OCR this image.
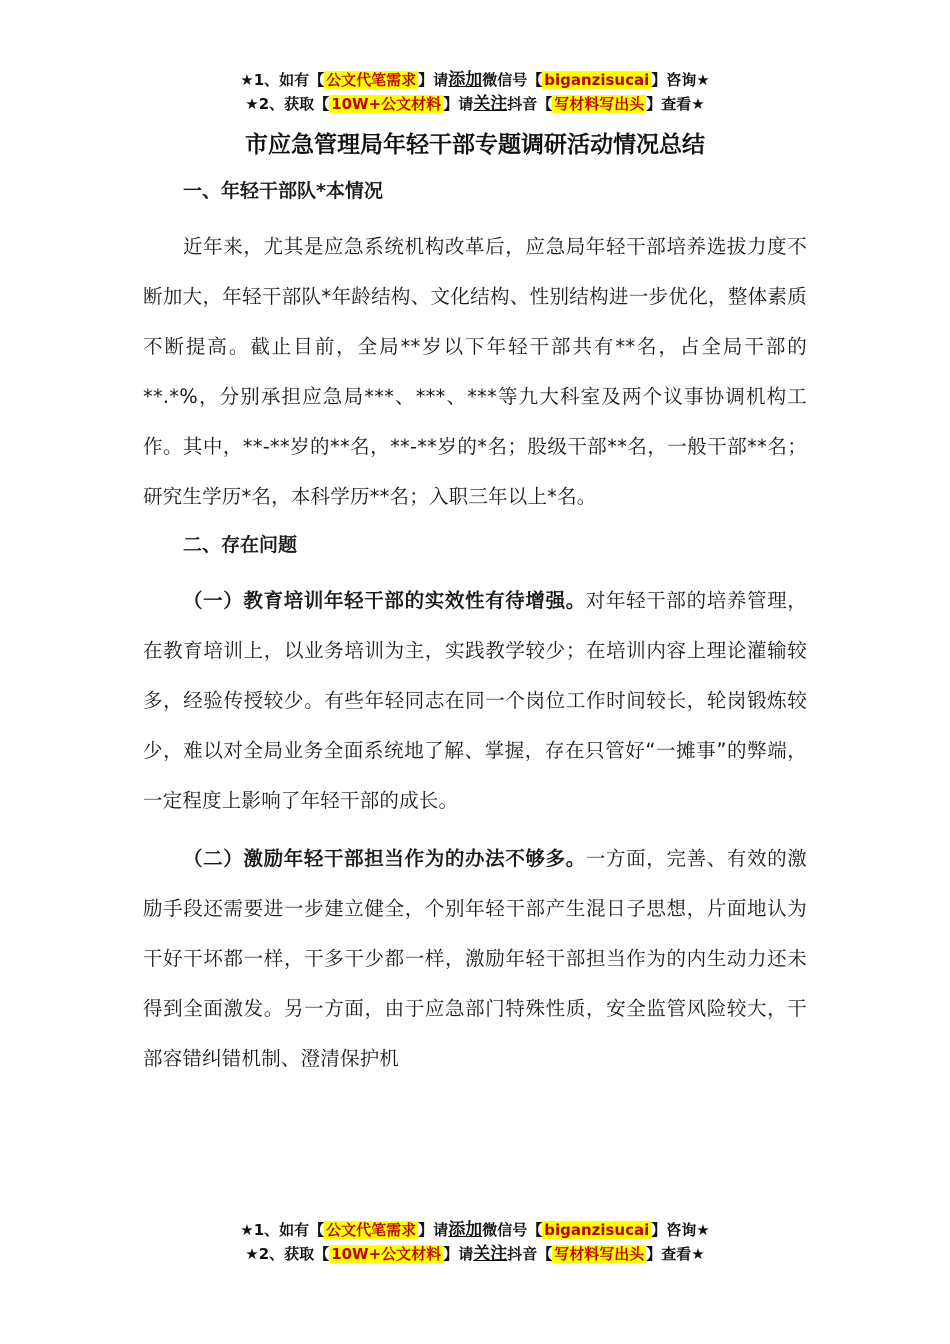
★1、如有【 公文代笔需求 】请添加微信号【 biganzisucai 】咨询★
★2、获取【 10W+公文材料 】请关注抖音【 写材料写出头 】查看★
市应急管理局年轻干部专题调研活动情况总结
一、年轻干部队*本情况

近年来，尤其是应急系统机构改革后，应急局年轻干部培养选拔力度不断加大，年轻干部队*年龄结构、文化结构、性别结构进一步优化，整体素质不断提高。截止目前，全局**岁以下年轻干部共有**名，占全局干部的**.*%，分别承担应急局***、***、***等九大科室及两个议事协调机构工作。其中，**-**岁的**名，**-**岁的*名；股级干部**名，一般干部**名；研究生学历*名，本科学历**名；入职三年以上*名。

二、存在问题

（一）教育培训年轻干部的实效性有待增强。对年轻干部的培养管理，在教育培训上，以业务培训为主，实践教学较少；在培训内容上理论灌输较多，经验传授较少。有些年轻同志在同一个岗位工作时间较长，轮岗锻炼较少，难以对全局业务全面系统地了解、掌握，存在只管好“一摊事”的弊端，一定程度上影响了年轻干部的成长。

（二）激励年轻干部担当作为的办法不够多。一方面，完善、有效的激励手段还需要进一步建立健全，个别年轻干部产生混日子思想，片面地认为干好干坏都一样，干多干少都一样，激励年轻干部担当作为的内生动力还未得到全面激发。另一方面，由于应急部门特殊性质，安全监管风险较大，干部容错纠错机制、澄清保护机

★1、如有【 公文代笔需求 】请添加微信号【 biganzisucai 】咨询★
★2、获取【 10W+公文材料 】请关注抖音【 写材料写出头 】查看★
